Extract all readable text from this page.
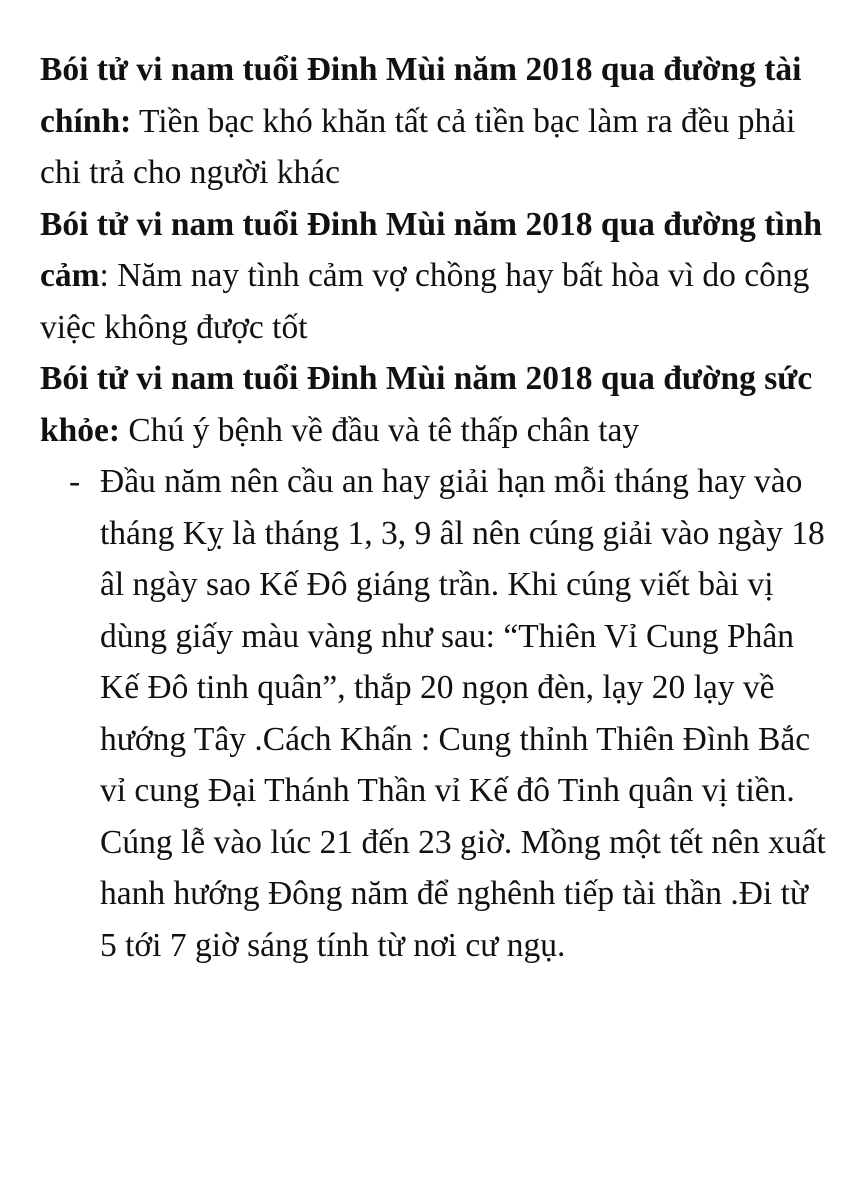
Bói tử vi nam tuổi Đinh Mùi năm 2018 qua đường tài chính: Tiền bạc khó khăn tất cả tiền bạc làm ra đều phải chi trả cho người khác

Bói tử vi nam tuổi Đinh Mùi năm 2018 qua đường tình cảm: Năm nay tình cảm vợ chồng hay bất hòa vì do công việc không được tốt

Bói tử vi nam tuổi Đinh Mùi năm 2018 qua đường sức khỏe: Chú ý bệnh về đầu và tê thấp chân tay

- Đầu năm nên cầu an hay giải hạn mỗi tháng hay vào tháng Kỵ là tháng 1, 3, 9 âl nên cúng giải vào ngày 18 âl ngày sao Kế Đô giáng trần. Khi cúng viết bài vị dùng giấy màu vàng như sau: “Thiên Vỉ Cung Phân Kế Đô tinh quân”, thắp 20 ngọn đèn, lạy 20 lạy về hướng Tây .Cách Khấn : Cung thỉnh Thiên Đình Bắc vỉ cung Đại Thánh Thần vỉ Kế đô Tinh quân vị tiền. Cúng lễ vào lúc 21 đến 23 giờ. Mồng một tết nên xuất hanh hướng Đông năm để nghênh tiếp tài thần .Đi từ 5 tới 7 giờ sáng tính từ nơi cư ngụ.
